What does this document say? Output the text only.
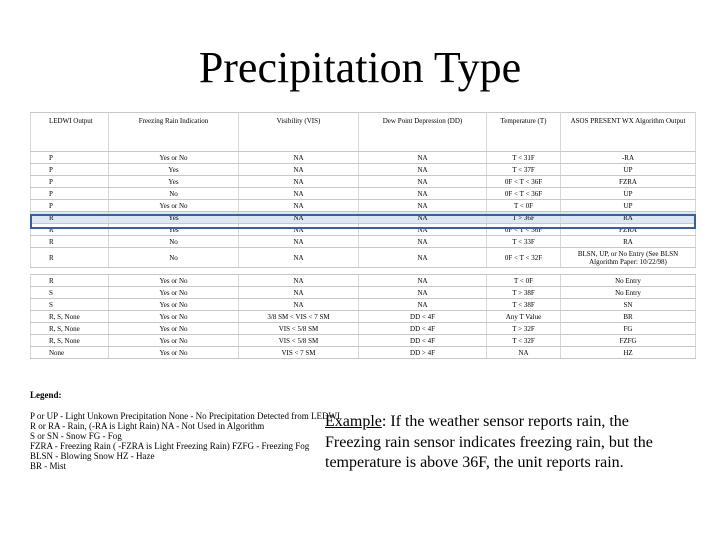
Precipitation Type
LEDWI Output	Freezing Rain Indication	Visibility (VIS)	Dew Point Depression (DD)	Temperature (T)	ASOS PRESENT WX Algorithm Output
P	Yes or No	NA	NA	T < 31F	-RA
P	Yes	NA	NA	T < 37F	UP
P	Yes	NA	NA	0F < T < 36F	FZRA
P	No	NA	NA	0F < T < 36F	UP
P	Yes or No	NA	NA	T < 0F	UP
R	Yes	NA	NA	T > 36F	RA
R	Yes	NA	NA	0F < T < 36F	FZRA
R	No	NA	NA	T < 33F	RA
R	No	NA	NA	0F < T < 32F	BLSN, UP, or No Entry (See BLSN Algorithm Paper: 10/22/98)

R	Yes or No	NA	NA	T < 0F	No Entry
S	Yes or No	NA	NA	T > 38F	No Entry
S	Yes or No	NA	NA	T < 38F	SN
R, S, None	Yes or No	3/8 SM < VIS < 7 SM	DD < 4F	Any T Value	BR
R, S, None	Yes or No	VIS < 5/8 SM	DD < 4F	T > 32F	FG
R, S, None	Yes or No	VIS < 5/8 SM	DD < 4F	T < 32F	FZFG
None	Yes or No	VIS < 7 SM	DD > 4F	NA	HZ
Legend:
P or UP - Light Unkown Precipitation None - No Precipitation Detected from LEDWI
R or RA - Rain, (-RA is Light Rain) NA - Not Used in Algorithm
S or SN - Snow FG - Fog
FZRA - Freezing Rain ( -FZRA is Light Freezing Rain) FZFG - Freezing Fog
BLSN - Blowing Snow HZ - Haze
BR - Mist
Example: If the weather sensor reports rain, the Freezing rain sensor indicates freezing rain, but the temperature is above 36F, the unit reports rain.
